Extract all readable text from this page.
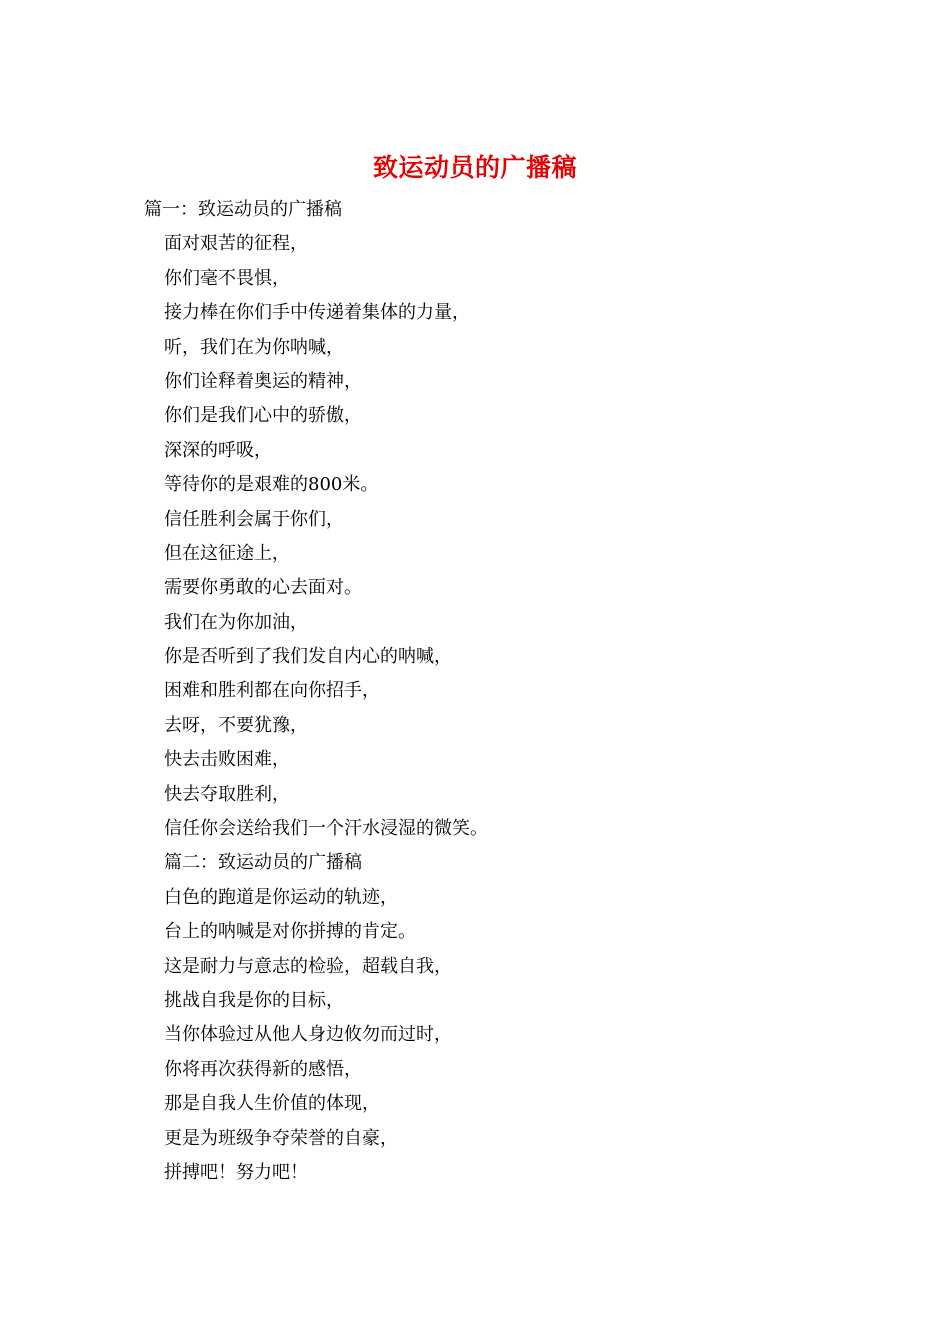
致运动员的广播稿
篇一：致运动员的广播稿
面对艰苦的征程，
你们毫不畏惧，
接力棒在你们手中传递着集体的力量，
听，我们在为你呐喊，
你们诠释着奥运的精神，
你们是我们心中的骄傲，
深深的呼吸，
等待你的是艰难的800米。
信任胜利会属于你们，
但在这征途上，
需要你勇敢的心去面对。
我们在为你加油，
你是否听到了我们发自内心的呐喊，
困难和胜利都在向你招手，
去呀，不要犹豫，
快去击败困难，
快去夺取胜利，
信任你会送给我们一个汗水浸湿的微笑。
篇二：致运动员的广播稿
白色的跑道是你运动的轨迹，
台上的呐喊是对你拼搏的肯定。
这是耐力与意志的检验，超载自我，
挑战自我是你的目标，
当你体验过从他人身边攸勿而过时，
你将再次获得新的感悟，
那是自我人生价值的体现，
更是为班级争夺荣誉的自豪，
拼搏吧！努力吧！
